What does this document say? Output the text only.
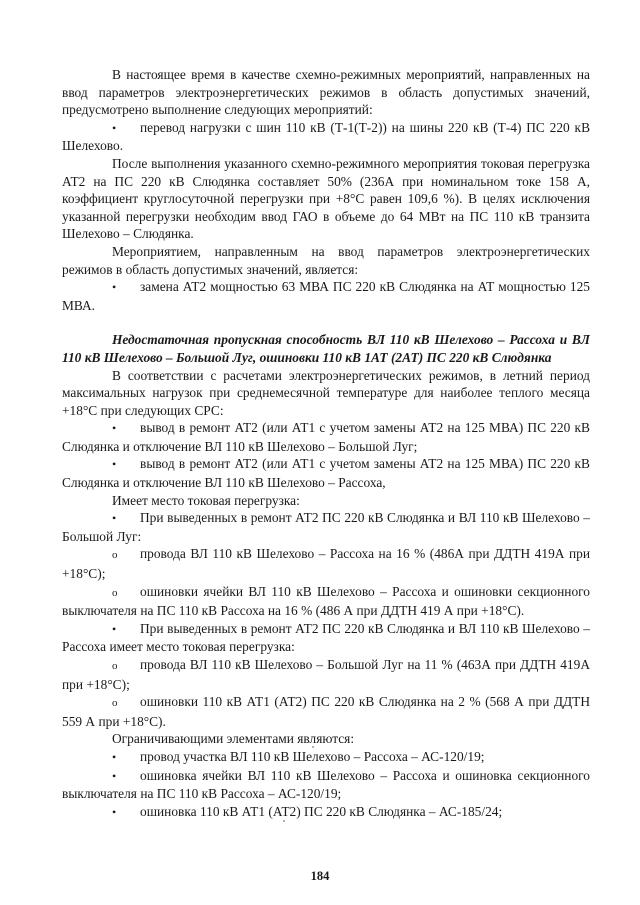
В настоящее время в качестве схемно-режимных мероприятий, направленных на ввод параметров электроэнергетических режимов в область допустимых значений, предусмотрено выполнение следующих мероприятий:

• перевод нагрузки с шин 110 кВ (Т-1(Т-2)) на шины 220 кВ (Т-4) ПС 220 кВ Шелехово.

После выполнения указанного схемно-режимного мероприятия токовая перегрузка АТ2 на ПС 220 кВ Слюдянка составляет 50% (236А при номинальном токе 158 А, коэффициент круглосуточной перегрузки при +8°С равен 109,6 %). В целях исключения указанной перегрузки необходим ввод ГАО в объеме до 64 МВт на ПС 110 кВ транзита Шелехово – Слюдянка.

Мероприятием, направленным на ввод параметров электроэнергетических режимов в область допустимых значений, является:

• замена АТ2 мощностью 63 МВА ПС 220 кВ Слюдянка на АТ мощностью 125 МВА.

Недостаточная пропускная способность ВЛ 110 кВ Шелехово – Рассоха и ВЛ 110 кВ Шелехово – Большой Луг, ошиновки 110 кВ 1АТ (2АТ) ПС 220 кВ Слюдянка

В соответствии с расчетами электроэнергетических режимов, в летний период максимальных нагрузок при среднемесячной температуре для наиболее теплого месяца +18°С при следующих СРС:

• вывод в ремонт АТ2 (или АТ1 с учетом замены АТ2 на 125 МВА) ПС 220 кВ Слюдянка и отключение ВЛ 110 кВ Шелехово – Большой Луг;

• вывод в ремонт АТ2 (или АТ1 с учетом замены АТ2 на 125 МВА) ПС 220 кВ Слюдянка и отключение ВЛ 110 кВ Шелехово – Рассоха,

Имеет место токовая перегрузка:

• При выведенных в ремонт АТ2 ПС 220 кВ Слюдянка и ВЛ 110 кВ Шелехово – Большой Луг:

o провода ВЛ 110 кВ Шелехово – Рассоха на 16 % (486А при ДДТН 419А при +18°С);

o ошиновки ячейки ВЛ 110 кВ Шелехово – Рассоха и ошиновки секционного выключателя на ПС 110 кВ Рассоха на 16 % (486 А при ДДТН 419 А при +18°С).

• При выведенных в ремонт АТ2 ПС 220 кВ Слюдянка и ВЛ 110 кВ Шелехово – Рассоха имеет место токовая перегрузка:

o провода ВЛ 110 кВ Шелехово – Большой Луг на 11 % (463А при ДДТН 419А при +18°С);

o ошиновки 110 кВ АТ1 (АТ2) ПС 220 кВ Слюдянка на 2 % (568 А при ДДТН 559 А при +18°С).

Ограничивающими элементами являются:

• провод участка ВЛ 110 кВ Шелехово – Рассоха – АС-120/19;

• ошиновка ячейки ВЛ 110 кВ Шелехово – Рассоха и ошиновка секционного выключателя на ПС 110 кВ Рассоха – АС-120/19;

• ошиновка 110 кВ АТ1 (АТ2) ПС 220 кВ Слюдянка – АС-185/24;

184
